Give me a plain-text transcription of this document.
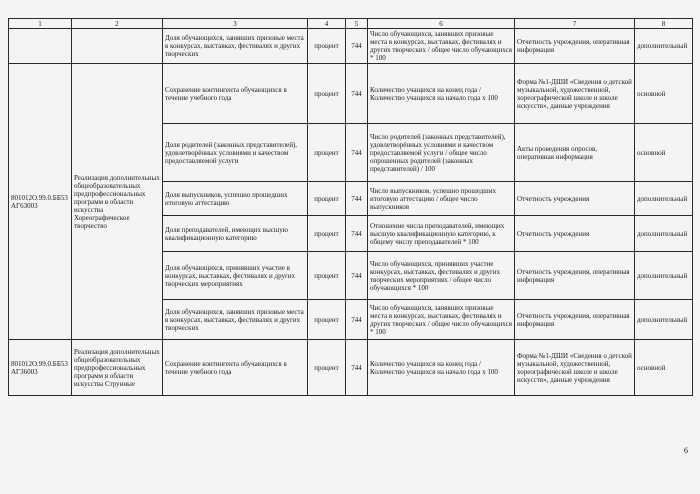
1	2	3	4	5	6	7	8
		Доля обучающихся, занявших призовые места в конкурсах, выставках, фестивалях и других творческих	процент	744	Число обучающихся, занявших призовые места в конкурсах, выставках, фестивалях и других творческих / общее число обучающихся * 100	Отчетность учреждения, оперативная информация	дополнительный
801012О.99.0.ББ53АГ63003	Реализация дополнительных общеобразовательных предпрофессиональных программ в области искусства Хореографическое творчество	Сохранение контингента обучающихся в течение учебного года	процент	744	Количество учащихся на конец года / Количество учащихся на начало года х 100	Форма №1-ДШИ «Сведения о детской музыкальной, художественной, хореографической школе и школе искусств», данные учреждения	основной
		Доля родителей (законных представителей), удовлетворённых условиями и качеством предоставляемой услуги	процент	744	Число родителей (законных представителей), удовлетворённых условиями и качеством предоставляемой услуги / общее число опрошенных родителей (законных представителей) / 100	Акты проведения опросов, оперативная информация	основной
		Доля выпускников, успешно прошедших итоговую аттестацию	процент	744	Число выпускников, успешно прошедших итоговую аттестацию / общее число выпускников	Отчетность учреждения	дополнительный
		Доля преподавателей, имеющих высшую квалификационную категорию	процент	744	Отношение числа преподавателей, имеющих высшую квалификационную категорию, к общему числу преподавателей * 100	Отчетность учреждения	дополнительный
		Доля обучающихся, принявших участие в конкурсах, выставках, фестивалях и других творческих мероприятиях	процент	744	Число обучающихся, принявших участие конкурсах, выставках, фестивалях и других творческих мероприятиях / общее число обучающихся * 100	Отчетность учреждения, оперативная информация	дополнительный
		Доля обучающихся, занявших призовые места в конкурсах, выставках, фестивалях и других творческих	процент	744	Число обучающихся, занявших призовые места в конкурсах, выставках, фестивалях и других творческих / общее число обучающихся * 100	Отчетность учреждения, оперативная информация	дополнительный
801012О.99.0.ББ53АГ36003	Реализация дополнительных общеобразовательных предпрофессиональных программ в области искусства Струнные	Сохранение контингента обучающихся в течение учебного года	процент	744	Количество учащихся на конец года / Количество учащихся на начало года х 100	Форма №1-ДШИ «Сведения о детской музыкальной, художественной, хореографической школе и школе искусств», данные учреждения	основной
6
